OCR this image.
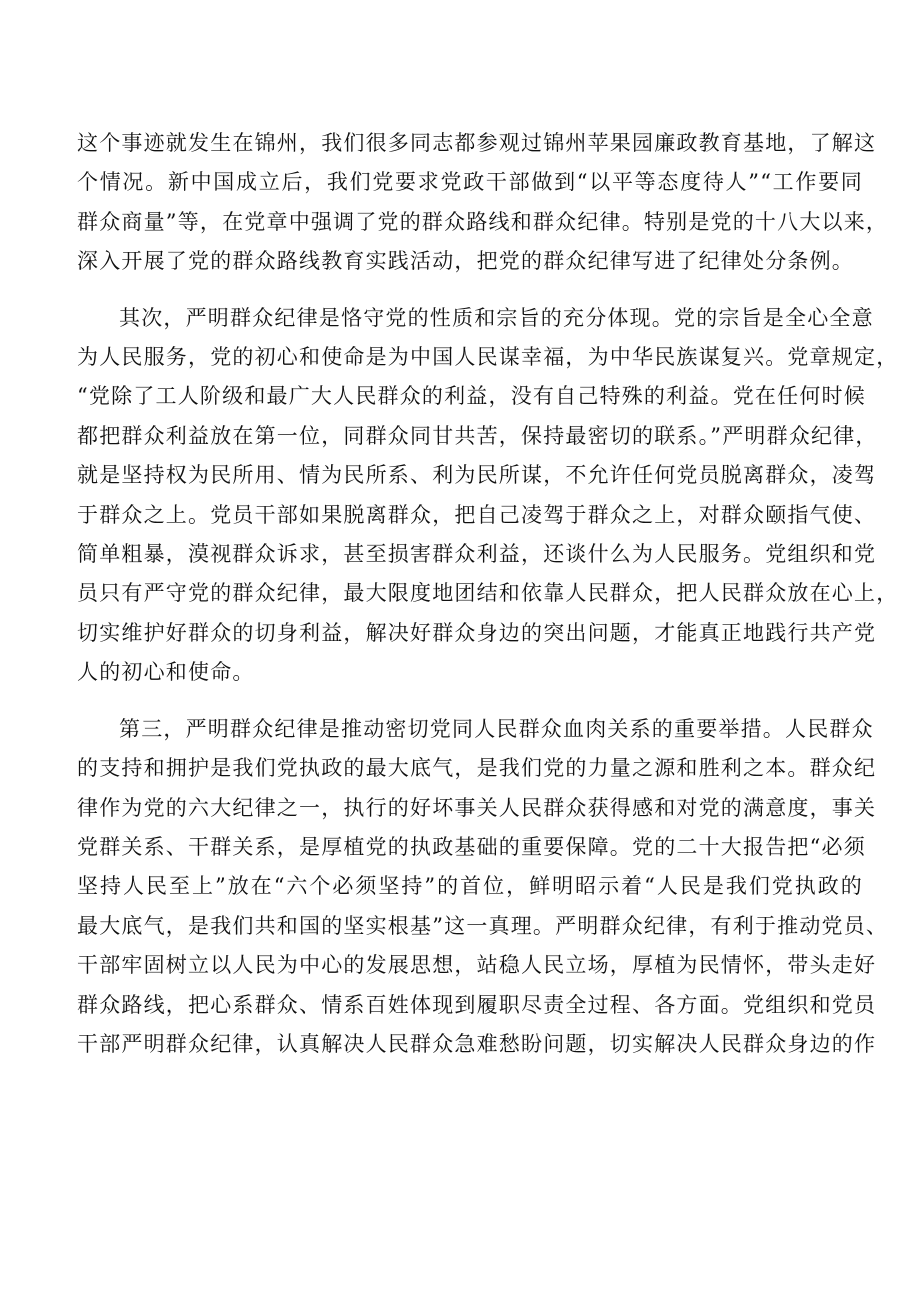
这个事迹就发生在锦州，我们很多同志都参观过锦州苹果园廉政教育基地，了解这
个情况。新中国成立后，我们党要求党政干部做到“以平等态度待人”“工作要同
群众商量”等，在党章中强调了党的群众路线和群众纪律。特别是党的十八大以来，
深入开展了党的群众路线教育实践活动，把党的群众纪律写进了纪律处分条例。

其次，严明群众纪律是恪守党的性质和宗旨的充分体现。党的宗旨是全心全意
为人民服务，党的初心和使命是为中国人民谋幸福，为中华民族谋复兴。党章规定，
“党除了工人阶级和最广大人民群众的利益，没有自己特殊的利益。党在任何时候
都把群众利益放在第一位，同群众同甘共苦，保持最密切的联系。”严明群众纪律，
就是坚持权为民所用、情为民所系、利为民所谋，不允许任何党员脱离群众，凌驾
于群众之上。党员干部如果脱离群众，把自己凌驾于群众之上，对群众颐指气使、
简单粗暴，漠视群众诉求，甚至损害群众利益，还谈什么为人民服务。党组织和党
员只有严守党的群众纪律，最大限度地团结和依靠人民群众，把人民群众放在心上，
切实维护好群众的切身利益，解决好群众身边的突出问题，才能真正地践行共产党
人的初心和使命。

第三，严明群众纪律是推动密切党同人民群众血肉关系的重要举措。人民群众
的支持和拥护是我们党执政的最大底气，是我们党的力量之源和胜利之本。群众纪
律作为党的六大纪律之一，执行的好坏事关人民群众获得感和对党的满意度，事关
党群关系、干群关系，是厚植党的执政基础的重要保障。党的二十大报告把“必须
坚持人民至上”放在“六个必须坚持”的首位，鲜明昭示着“人民是我们党执政的
最大底气，是我们共和国的坚实根基”这一真理。严明群众纪律，有利于推动党员、
干部牢固树立以人民为中心的发展思想，站稳人民立场，厚植为民情怀，带头走好
群众路线，把心系群众、情系百姓体现到履职尽责全过程、各方面。党组织和党员
干部严明群众纪律，认真解决人民群众急难愁盼问题，切实解决人民群众身边的作
